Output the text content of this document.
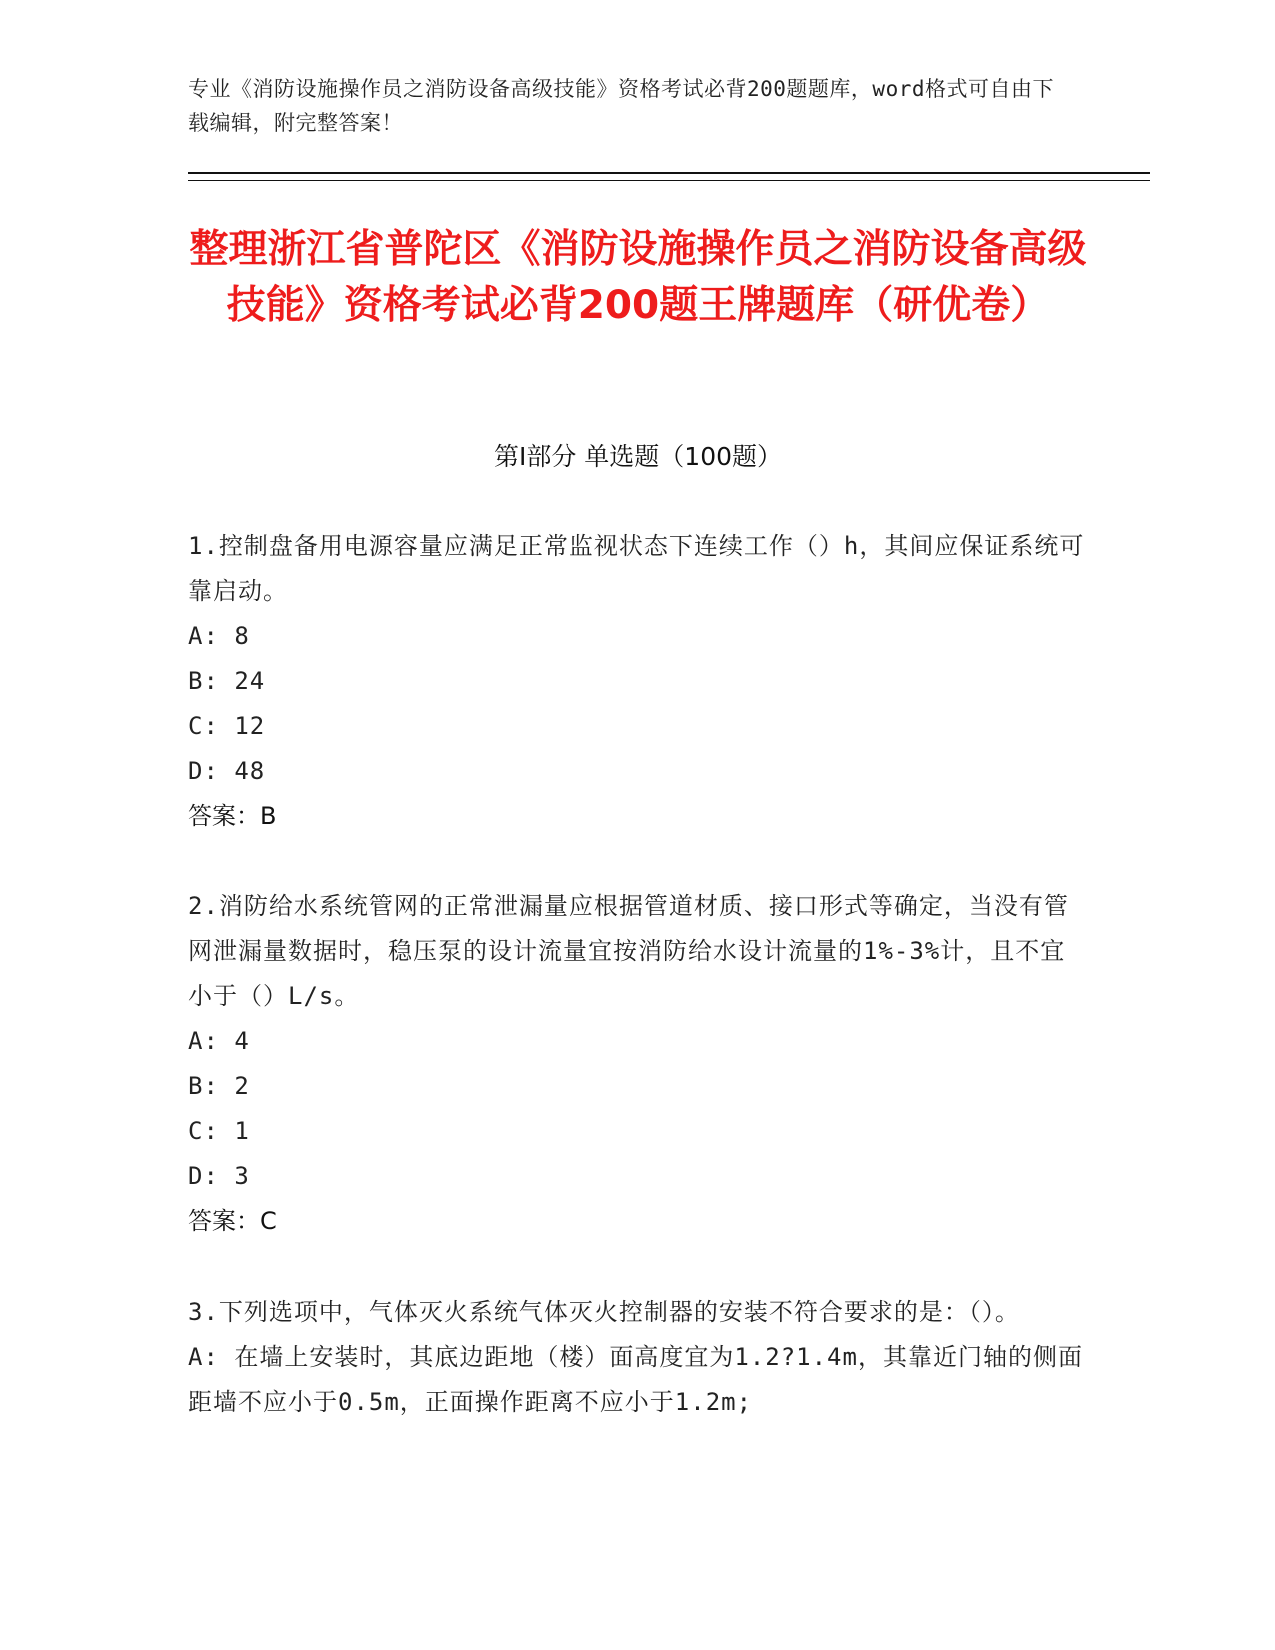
专业《消防设施操作员之消防设备高级技能》资格考试必背200题题库，word格式可自由下载编辑，附完整答案！
整理浙江省普陀区《消防设施操作员之消防设备高级技能》资格考试必背200题王牌题库（研优卷）
第I部分 单选题（100题）
1.控制盘备用电源容量应满足正常监视状态下连续工作（）h，其间应保证系统可靠启动。
A: 8
B: 24
C: 12
D: 48
答案：B
2.消防给水系统管网的正常泄漏量应根据管道材质、接口形式等确定，当没有管网泄漏量数据时，稳压泵的设计流量宜按消防给水设计流量的1%-3%计，且不宜小于（）L/s。
A: 4
B: 2
C: 1
D: 3
答案：C
3.下列选项中，气体灭火系统气体灭火控制器的安装不符合要求的是：（）。
A: 在墙上安装时，其底边距地（楼）面高度宜为1.2?1.4m，其靠近门轴的侧面距墙不应小于0.5m，正面操作距离不应小于1.2m;
